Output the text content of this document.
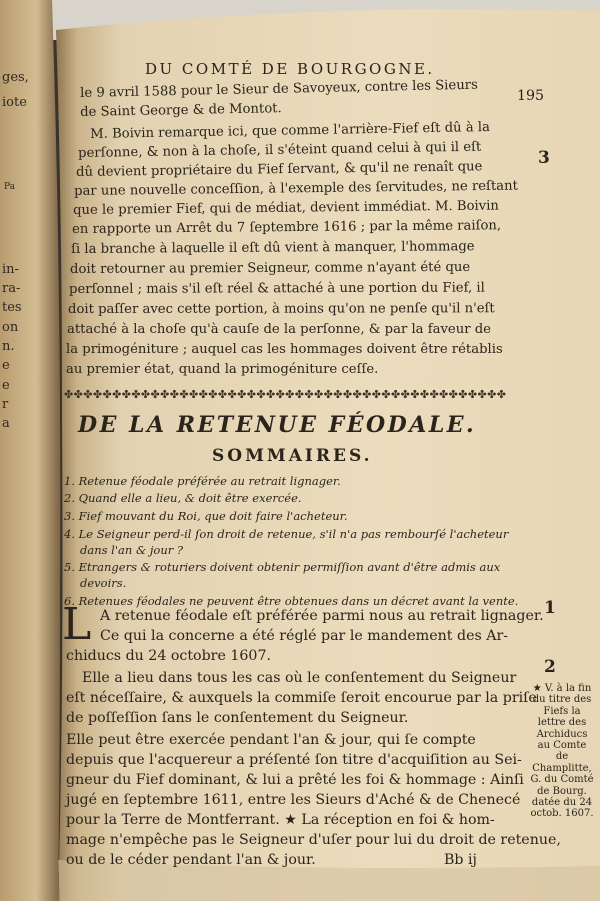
ges,
iote
Pa
in-
ra-
tes
on
n.
e
e
r
a
DU COMTÉ DE BOURGOGNE.
195
le 9 avril 1588 pour le Sieur de Savoyeux, contre les Sieurs
de Saint George & de Montot.
M. Boivin remarque ici, que comme l'arrière-Fief eſt dû à la
perſonne, & non à la choſe, il s'éteint quand celui à qui il eſt
dû devient propriétaire du Fief ſervant, & qu'il ne renaît que
par une nouvelle conceſſion, à l'exemple des ſervitudes, ne reſtant
que le premier Fief, qui de médiat, devient immédiat. M. Boivin
en rapporte un Arrêt du 7 ſeptembre 1616 ; par la même raiſon,
ſi la branche à laquelle il eſt dû vient à manquer, l'hommage
doit retourner au premier Seigneur, comme n'ayant été que
perſonnel ; mais s'il eſt réel & attaché à une portion du Fief, il
doit paſſer avec cette portion, à moins qu'on ne penſe qu'il n'eſt
attaché à la choſe qu'à cauſe de la perſonne, & par la faveur de
la primogéniture ; auquel cas les hommages doivent être rétablis
au premier état, quand la primogéniture ceſſe.
3
✤✤✤✤✤✤✤✤✤✤✤✤✤✤✤✤✤✤✤✤✤✤✤✤✤✤✤✤✤✤✤✤✤✤✤✤✤✤✤✤✤✤✤✤✤✤
DE LA RETENUE FÉODALE.
SOMMAIRES.
1. Retenue féodale préférée au retrait lignager.
2. Quand elle a lieu, & doit être exercée.
3. Fief mouvant du Roi, que doit faire l'acheteur.
4. Le Seigneur perd-il ſon droit de retenue, s'il n'a pas rembourſé l'acheteur
dans l'an & jour ?
5. Etrangers & roturiers doivent obtenir permiſſion avant d'être admis aux
devoirs.
6. Retenues féodales ne peuvent être obtenues dans un décret avant la vente.
L A retenue féodale eſt préférée parmi nous au retrait lignager.
Ce qui la concerne a été réglé par le mandement des Ar-
chiducs du 24 octobre 1607.
Elle a lieu dans tous les cas où le conſentement du Seigneur
eſt néceſſaire, & auxquels la commiſe ſeroit encourue par la priſe
de poſſeſſion ſans le conſentement du Seigneur.
Elle peut être exercée pendant l'an & jour, qui ſe compte
depuis que l'acquereur a préſenté ſon titre d'acquiſition au Sei-
gneur du Fief dominant, & lui a prêté les foi & hommage : Ainſi
jugé en ſeptembre 1611, entre les Sieurs d'Aché & de Chenecé
pour la Terre de Montferrant. ★ La réception en foi & hom-
mage n'empêche pas le Seigneur d'uſer pour lui du droit de retenue,
ou de le céder pendant l'an & jour.	Bb ij
1
2
★ V. à la fin du titre des Fiefs la lettre des Archiducs au Comte de Champlitte, G. du Comté de Bourg. datée du 24 octob. 1607.
